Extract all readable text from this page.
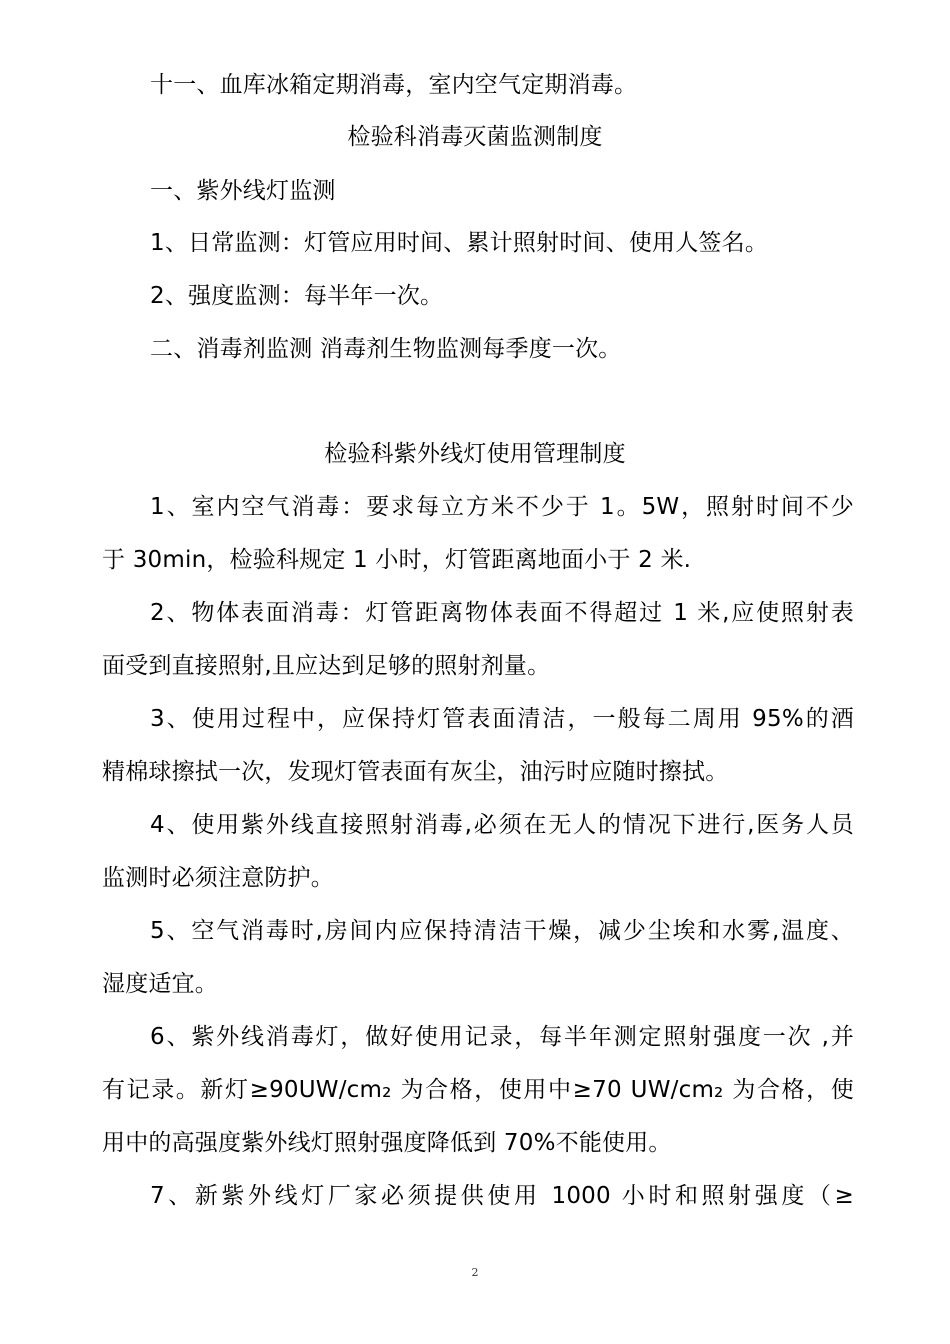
十一、血库冰箱定期消毒，室内空气定期消毒。
检验科消毒灭菌监测制度
一、紫外线灯监测
1、日常监测：灯管应用时间、累计照射时间、使用人签名。
2、强度监测：每半年一次。
二、消毒剂监测 消毒剂生物监测每季度一次。
检验科紫外线灯使用管理制度
1、室内空气消毒：要求每立方米不少于 1。5W，照射时间不少
于 30min，检验科规定 1 小时，灯管距离地面小于 2 米.
2、物体表面消毒：灯管距离物体表面不得超过 1 米,应使照射表
面受到直接照射,且应达到足够的照射剂量。
3、使用过程中，应保持灯管表面清洁，一般每二周用 95%的酒
精棉球擦拭一次，发现灯管表面有灰尘，油污时应随时擦拭。
4、使用紫外线直接照射消毒,必须在无人的情况下进行,医务人员
监测时必须注意防护。
5、空气消毒时,房间内应保持清洁干燥，减少尘埃和水雾,温度、
湿度适宜。
6、紫外线消毒灯，做好使用记录，每半年测定照射强度一次 ,并
有记录。新灯≥90UW/cm₂ 为合格，使用中≥70 UW/cm₂ 为合格，使
用中的高强度紫外线灯照射强度降低到 70%不能使用。
7、新紫外线灯厂家必须提供使用 1000 小时和照射强度（≥
2
